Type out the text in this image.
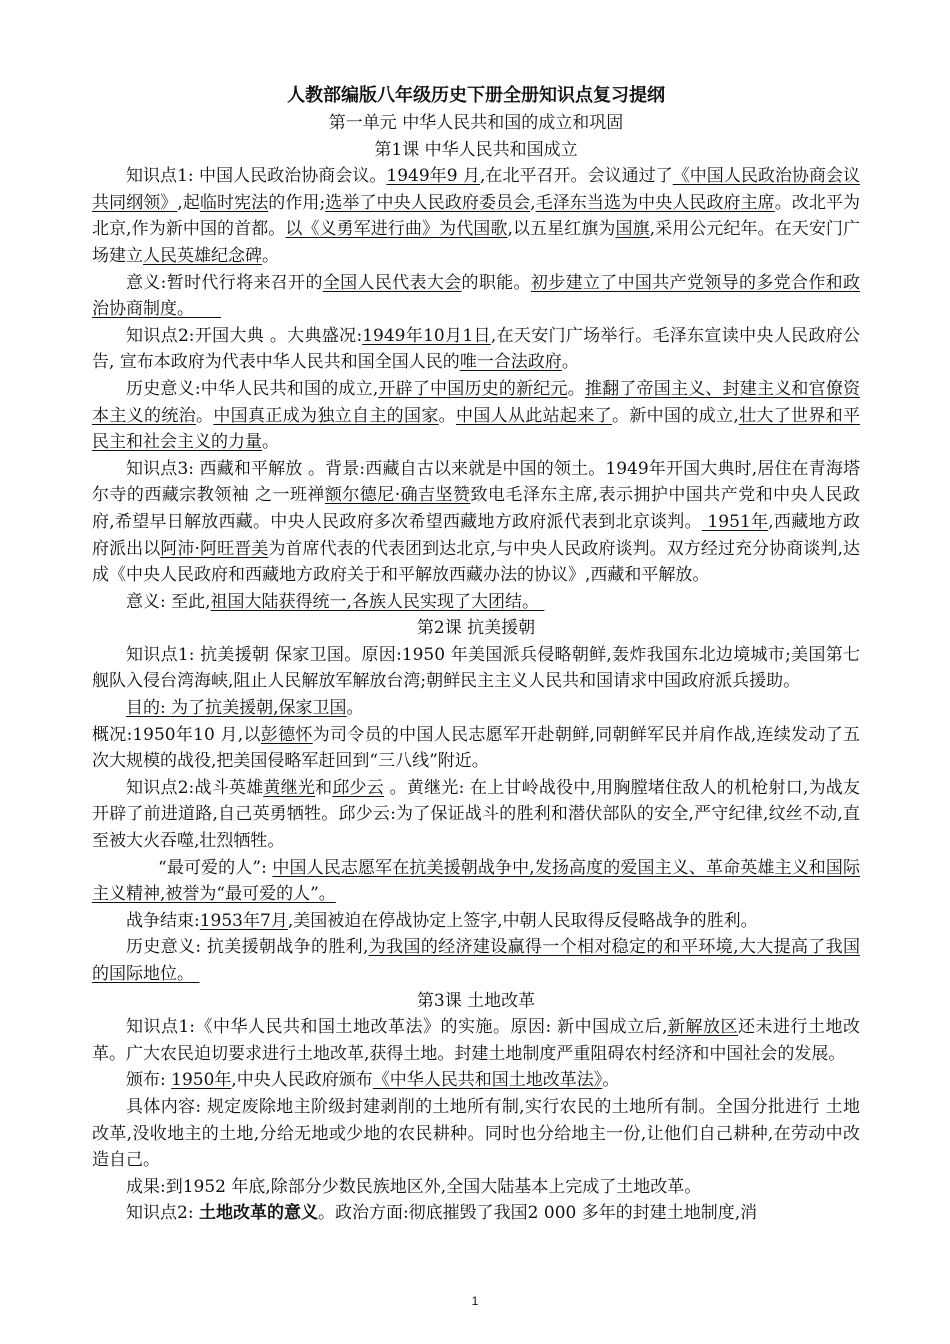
人教部编版八年级历史下册全册知识点复习提纲

第一单元 中华人民共和国的成立和巩固

第1课 中华人民共和国成立

知识点1: 中国人民政治协商会议。1949年9 月,在北平召开。会议通过了《中国人民政治协商会议共同纲领》,起临时宪法的作用;选举了中央人民政府委员会,毛泽东当选为中央人民政府主席。改北平为北京,作为新中国的首都。以《义勇军进行曲》为代国歌,以五星红旗为国旗,采用公元纪年。在天安门广场建立人民英雄纪念碑。

意义:暂时代行将来召开的全国人民代表大会的职能。初步建立了中国共产党领导的多党合作和政治协商制度。

知识点2:开国大典 。大典盛况:1949年10月1日,在天安门广场举行。毛泽东宣读中央人民政府公告, 宣布本政府为代表中华人民共和国全国人民的唯一合法政府。

历史意义:中华人民共和国的成立,开辟了中国历史的新纪元。推翻了帝国主义、封建主义和官僚资本主义的统治。中国真正成为独立自主的国家。中国人从此站起来了。新中国的成立,壮大了世界和平民主和社会主义的力量。

知识点3: 西藏和平解放 。背景:西藏自古以来就是中国的领土。1949年开国大典时,居住在青海塔尔寺的西藏宗教领袖 之一班禅额尔德尼·确吉坚赞致电毛泽东主席,表示拥护中国共产党和中央人民政府,希望早日解放西藏。中央人民政府多次希望西藏地方政府派代表到北京谈判。 1951年,西藏地方政府派出以阿沛·阿旺晋美为首席代表的代表团到达北京,与中央人民政府谈判。双方经过充分协商谈判,达成《中央人民政府和西藏地方政府关于和平解放西藏办法的协议》,西藏和平解放。

意义: 至此,祖国大陆获得统一,各族人民实现了大团结。

第2课 抗美援朝

知识点1: 抗美援朝 保家卫国。原因:1950 年美国派兵侵略朝鲜,轰炸我国东北边境城市;美国第七舰队入侵台湾海峡,阻止人民解放军解放台湾;朝鲜民主主义人民共和国请求中国政府派兵援助。

目的: 为了抗美援朝,保家卫国。

概况:1950年10 月,以彭德怀为司令员的中国人民志愿军开赴朝鲜,同朝鲜军民并肩作战,连续发动了五次大规模的战役,把美国侵略军赶回到“三八线”附近。

知识点2:战斗英雄黄继光和邱少云 。黄继光: 在上甘岭战役中,用胸膛堵住敌人的机枪射口,为战友开辟了前进道路,自己英勇牺牲。邱少云:为了保证战斗的胜利和潜伏部队的安全,严守纪律,纹丝不动,直至被大火吞噬,壮烈牺牲。

“最可爱的人”: 中国人民志愿军在抗美援朝战争中,发扬高度的爱国主义、革命英雄主义和国际主义精神,被誉为“最可爱的人”。

战争结束:1953年7月,美国被迫在停战协定上签字,中朝人民取得反侵略战争的胜利。

历史意义: 抗美援朝战争的胜利,为我国的经济建设赢得一个相对稳定的和平环境,大大提高了我国的国际地位。

第3课 土地改革

知识点1:《中华人民共和国土地改革法》的实施。原因: 新中国成立后,新解放区还未进行土地改革。广大农民迫切要求进行土地改革,获得土地。封建土地制度严重阻碍农村经济和中国社会的发展。

颁布: 1950年,中央人民政府颁布《中华人民共和国土地改革法》。

具体内容: 规定废除地主阶级封建剥削的土地所有制,实行农民的土地所有制。全国分批进行 土地改革,没收地主的土地,分给无地或少地的农民耕种。同时也分给地主一份,让他们自己耕种,在劳动中改造自己。

成果:到1952 年底,除部分少数民族地区外,全国大陆基本上完成了土地改革。

知识点2: 土地改革的意义。政治方面:彻底摧毁了我国2 000 多年的封建土地制度,消

1
